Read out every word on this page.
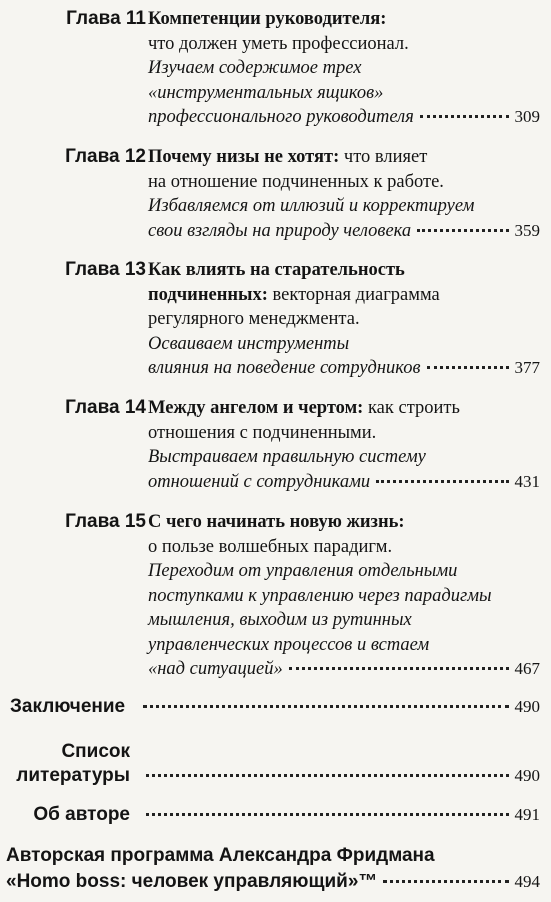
Глава 11 Компетенции руководителя:
что должен уметь профессионал.
Изучаем содержимое трех
«инструментальных ящиков»
профессионального руководителя	309
Глава 12 Почему низы не хотят: что влияет
на отношение подчиненных к работе.
Избавляемся от иллюзий и корректируем
свои взгляды на природу человека	359
Глава 13 Как влиять на старательность
подчиненных: векторная диаграмма
регулярного менеджмента.
Осваиваем инструменты
влияния на поведение сотрудников	377
Глава 14 Между ангелом и чертом: как строить
отношения с подчиненными.
Выстраиваем правильную систему
отношений с сотрудниками	431
Глава 15 С чего начинать новую жизнь:
о пользе волшебных парадигм.
Переходим от управления отдельными
поступками к управлению через парадигмы
мышления, выходим из рутинных
управленческих процессов и встаем
«над ситуацией»	467
Заключение	490
Список
литературы	490
Об авторе	491
Авторская программа Александра Фридмана
«Homo boss: человек управляющий»™	494
